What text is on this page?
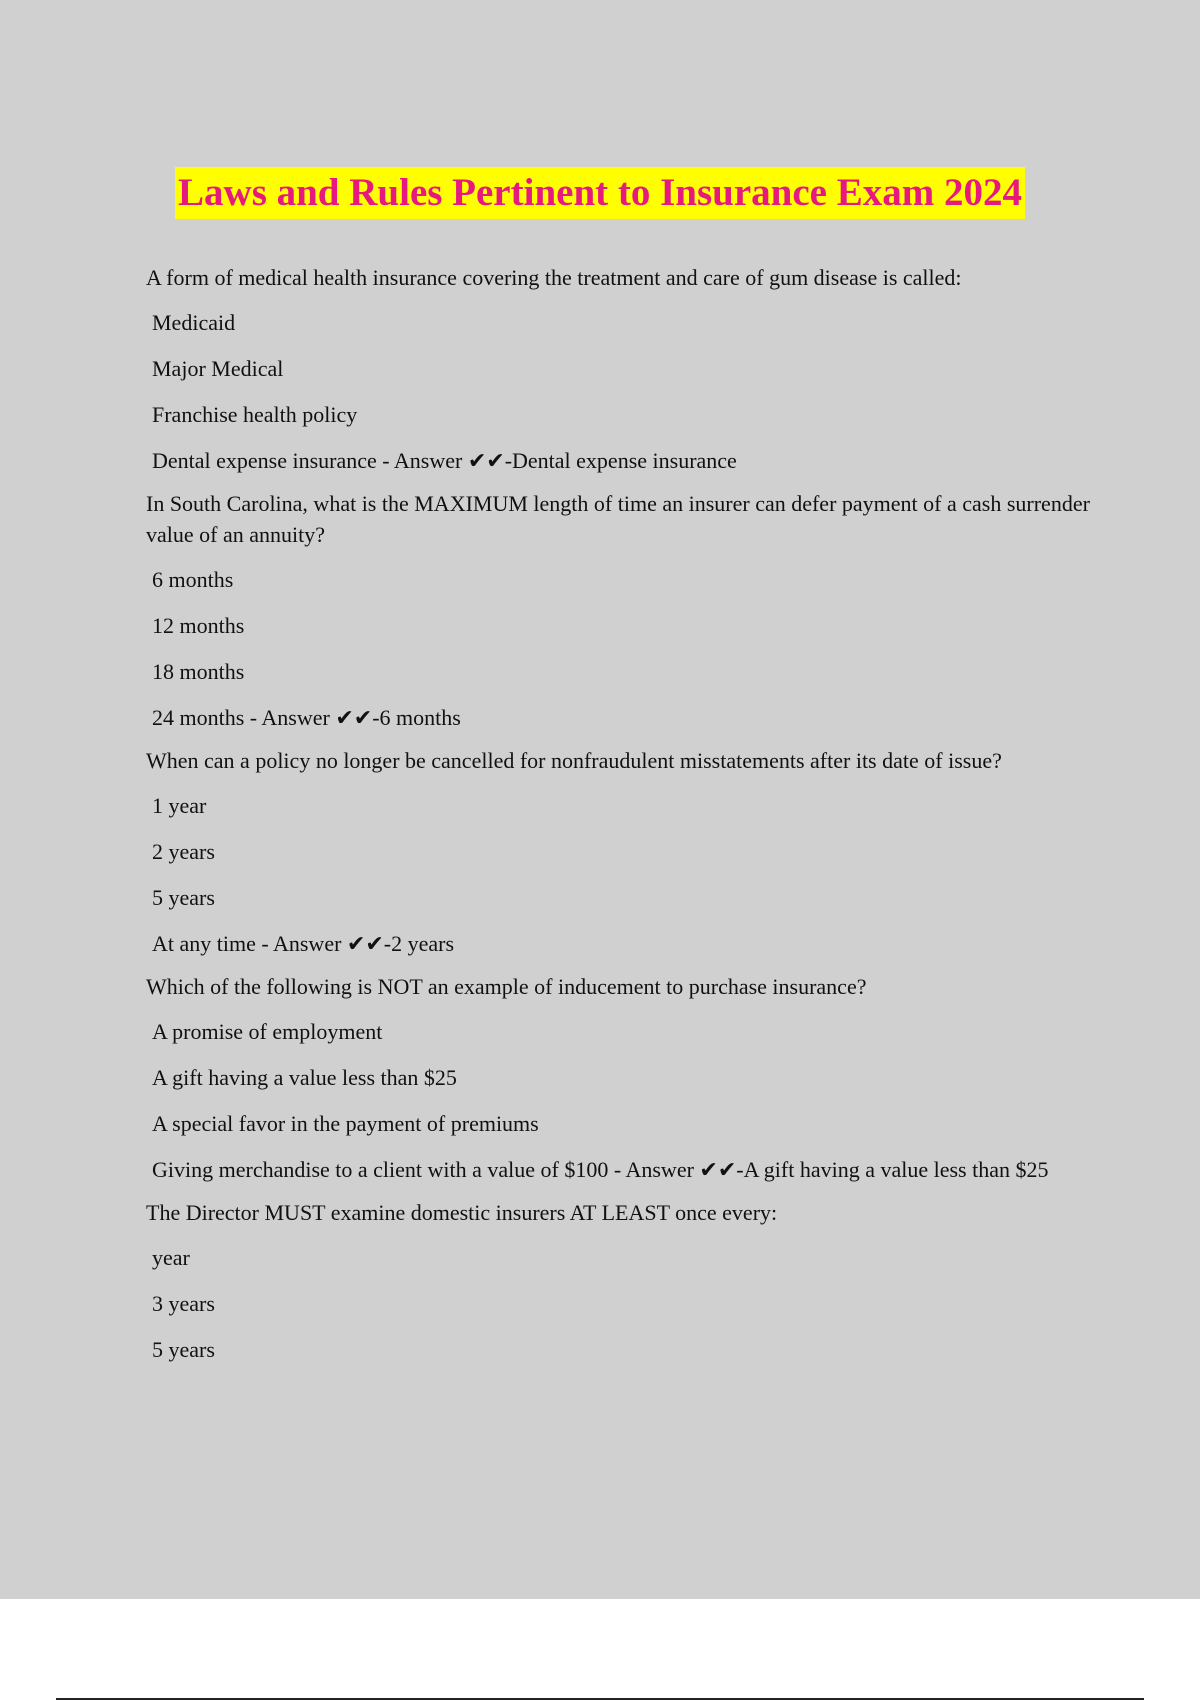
Laws and Rules Pertinent to Insurance Exam 2024
A form of medical health insurance covering the treatment and care of gum disease is called:
Medicaid
Major Medical
Franchise health policy
Dental expense insurance - Answer ✔✔-Dental expense insurance
In South Carolina, what is the MAXIMUM length of time an insurer can defer payment of a cash surrender value of an annuity?
6 months
12 months
18 months
24 months - Answer ✔✔-6 months
When can a policy no longer be cancelled for nonfraudulent misstatements after its date of issue?
1 year
2 years
5 years
At any time - Answer ✔✔-2 years
Which of the following is NOT an example of inducement to purchase insurance?
A promise of employment
A gift having a value less than $25
A special favor in the payment of premiums
Giving merchandise to a client with a value of $100 - Answer ✔✔-A gift having a value less than $25
The Director MUST examine domestic insurers AT LEAST once every:
year
3 years
5 years
